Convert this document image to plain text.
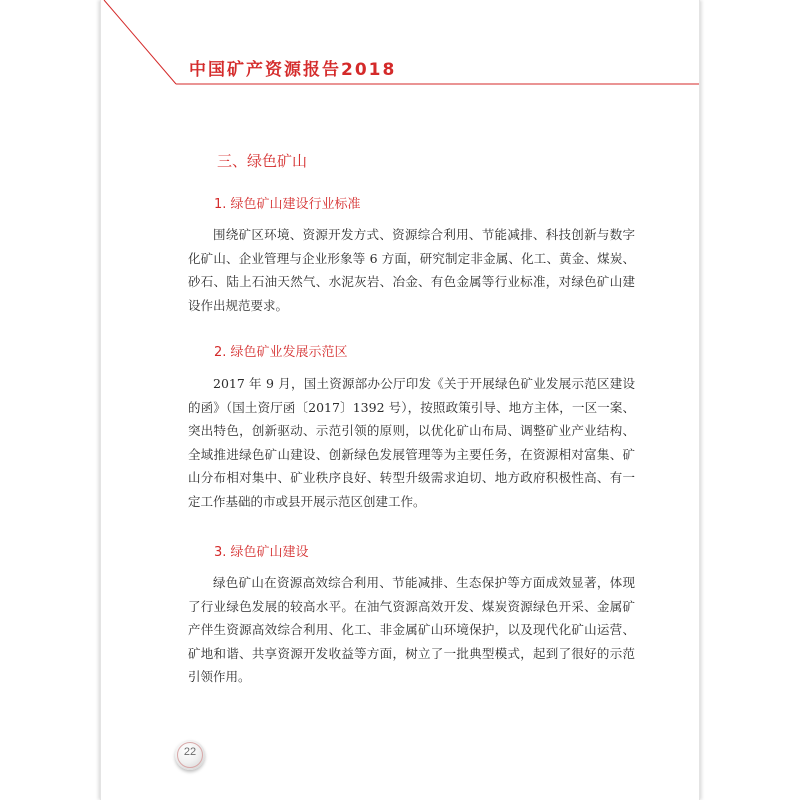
中国矿产资源报告2018
三、绿色矿山
1. 绿色矿山建设行业标准

围绕矿区环境、资源开发方式、资源综合利用、节能减排、科技创新与数字化矿山、企业管理与企业形象等 6 方面，研究制定非金属、化工、黄金、煤炭、砂石、陆上石油天然气、水泥灰岩、冶金、有色金属等行业标准，对绿色矿山建设作出规范要求。

2. 绿色矿业发展示范区

2017 年 9 月，国土资源部办公厅印发《关于开展绿色矿业发展示范区建设的函》（国土资厅函〔2017〕1392 号），按照政策引导、地方主体，一区一案、突出特色，创新驱动、示范引领的原则，以优化矿山布局、调整矿业产业结构、全域推进绿色矿山建设、创新绿色发展管理等为主要任务，在资源相对富集、矿山分布相对集中、矿业秩序良好、转型升级需求迫切、地方政府积极性高、有一定工作基础的市或县开展示范区创建工作。

3. 绿色矿山建设

绿色矿山在资源高效综合利用、节能减排、生态保护等方面成效显著，体现了行业绿色发展的较高水平。在油气资源高效开发、煤炭资源绿色开采、金属矿产伴生资源高效综合利用、化工、非金属矿山环境保护，以及现代化矿山运营、矿地和谐、共享资源开发收益等方面，树立了一批典型模式，起到了很好的示范引领作用。

22
